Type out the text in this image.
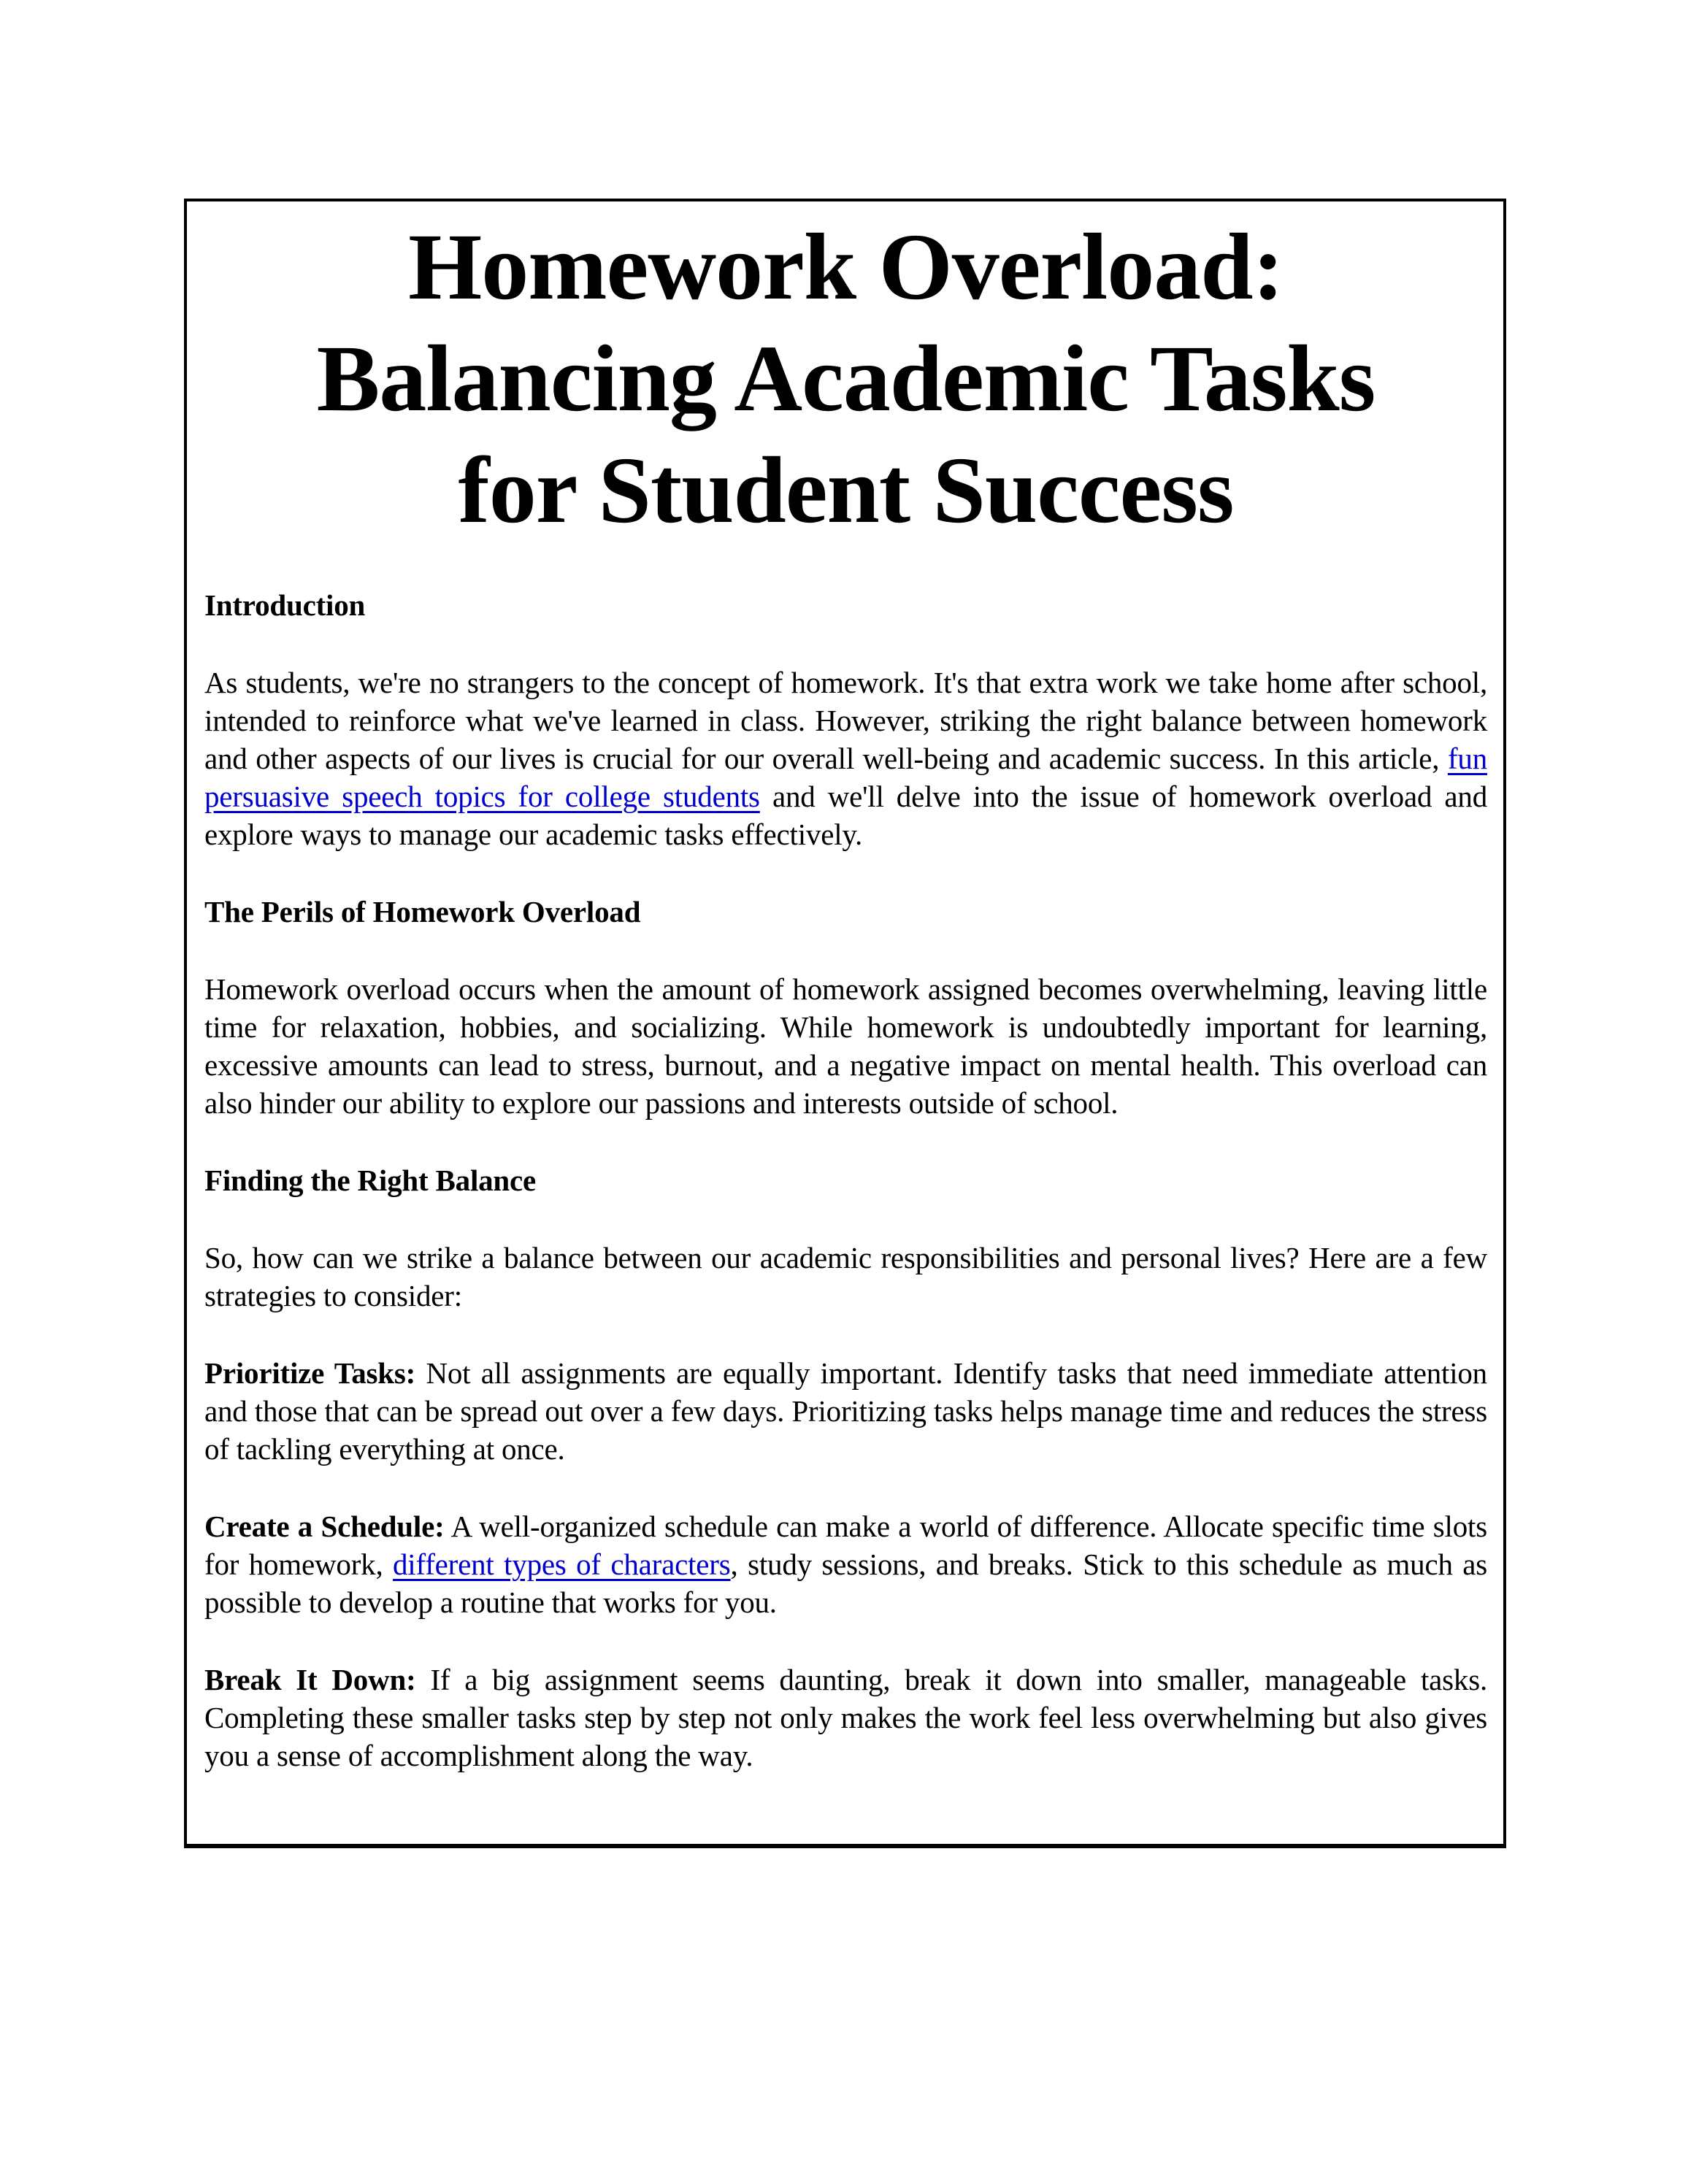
Homework Overload:
Balancing Academic Tasks
for Student Success
Introduction

As students, we're no strangers to the concept of homework. It's that extra work we take home after school, intended to reinforce what we've learned in class. However, striking the right balance between homework and other aspects of our lives is crucial for our overall well-being and academic success. In this article, fun persuasive speech topics for college students and we'll delve into the issue of homework overload and explore ways to manage our academic tasks effectively.

The Perils of Homework Overload

Homework overload occurs when the amount of homework assigned becomes overwhelming, leaving little time for relaxation, hobbies, and socializing. While homework is undoubtedly important for learning, excessive amounts can lead to stress, burnout, and a negative impact on mental health. This overload can also hinder our ability to explore our passions and interests outside of school.

Finding the Right Balance

So, how can we strike a balance between our academic responsibilities and personal lives? Here are a few strategies to consider:

Prioritize Tasks: Not all assignments are equally important. Identify tasks that need immediate attention and those that can be spread out over a few days. Prioritizing tasks helps manage time and reduces the stress of tackling everything at once.

Create a Schedule: A well-organized schedule can make a world of difference. Allocate specific time slots for homework, different types of characters, study sessions, and breaks. Stick to this schedule as much as possible to develop a routine that works for you.

Break It Down: If a big assignment seems daunting, break it down into smaller, manageable tasks. Completing these smaller tasks step by step not only makes the work feel less overwhelming but also gives you a sense of accomplishment along the way.
